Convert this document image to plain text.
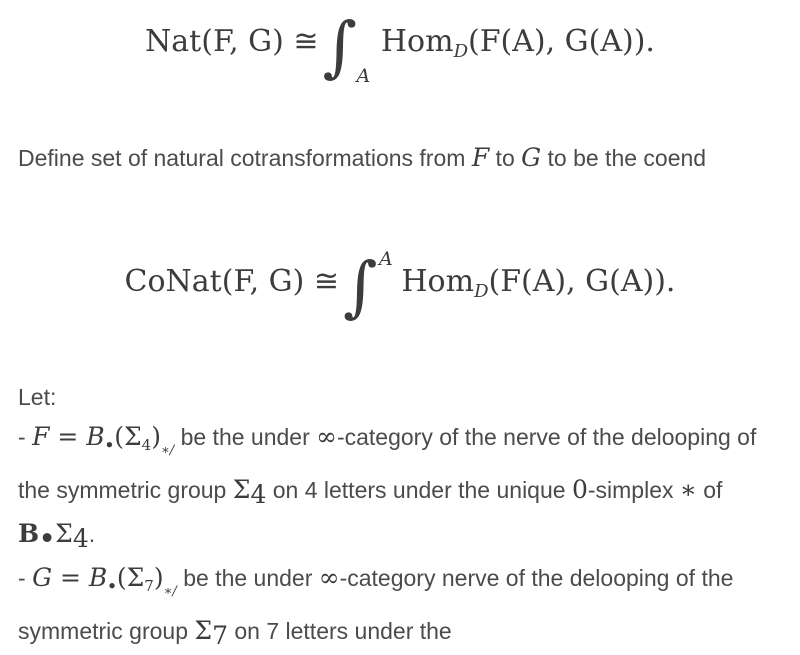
Nat(F, G) ≅∫ A
Hom$_D$(F(A), G(A)).
Define set of natural cotransformations from F to G to be the coend
CoNat(F, G) ≅∫ A
Hom$_D$(F(A), G(A)).
Let:
- $F = B_•(\Sigma_4)_{∗/}$ be the under ∞-category of the nerve of the delooping of the symmetric group Σ4 on 4 letters under the unique 0-simplex ∗ of B•Σ4.
- $G = B_•(\Sigma_7)_{∗/}$ be the under ∞-category nerve of the delooping of the symmetric group Σ7 on 7 letters under the
